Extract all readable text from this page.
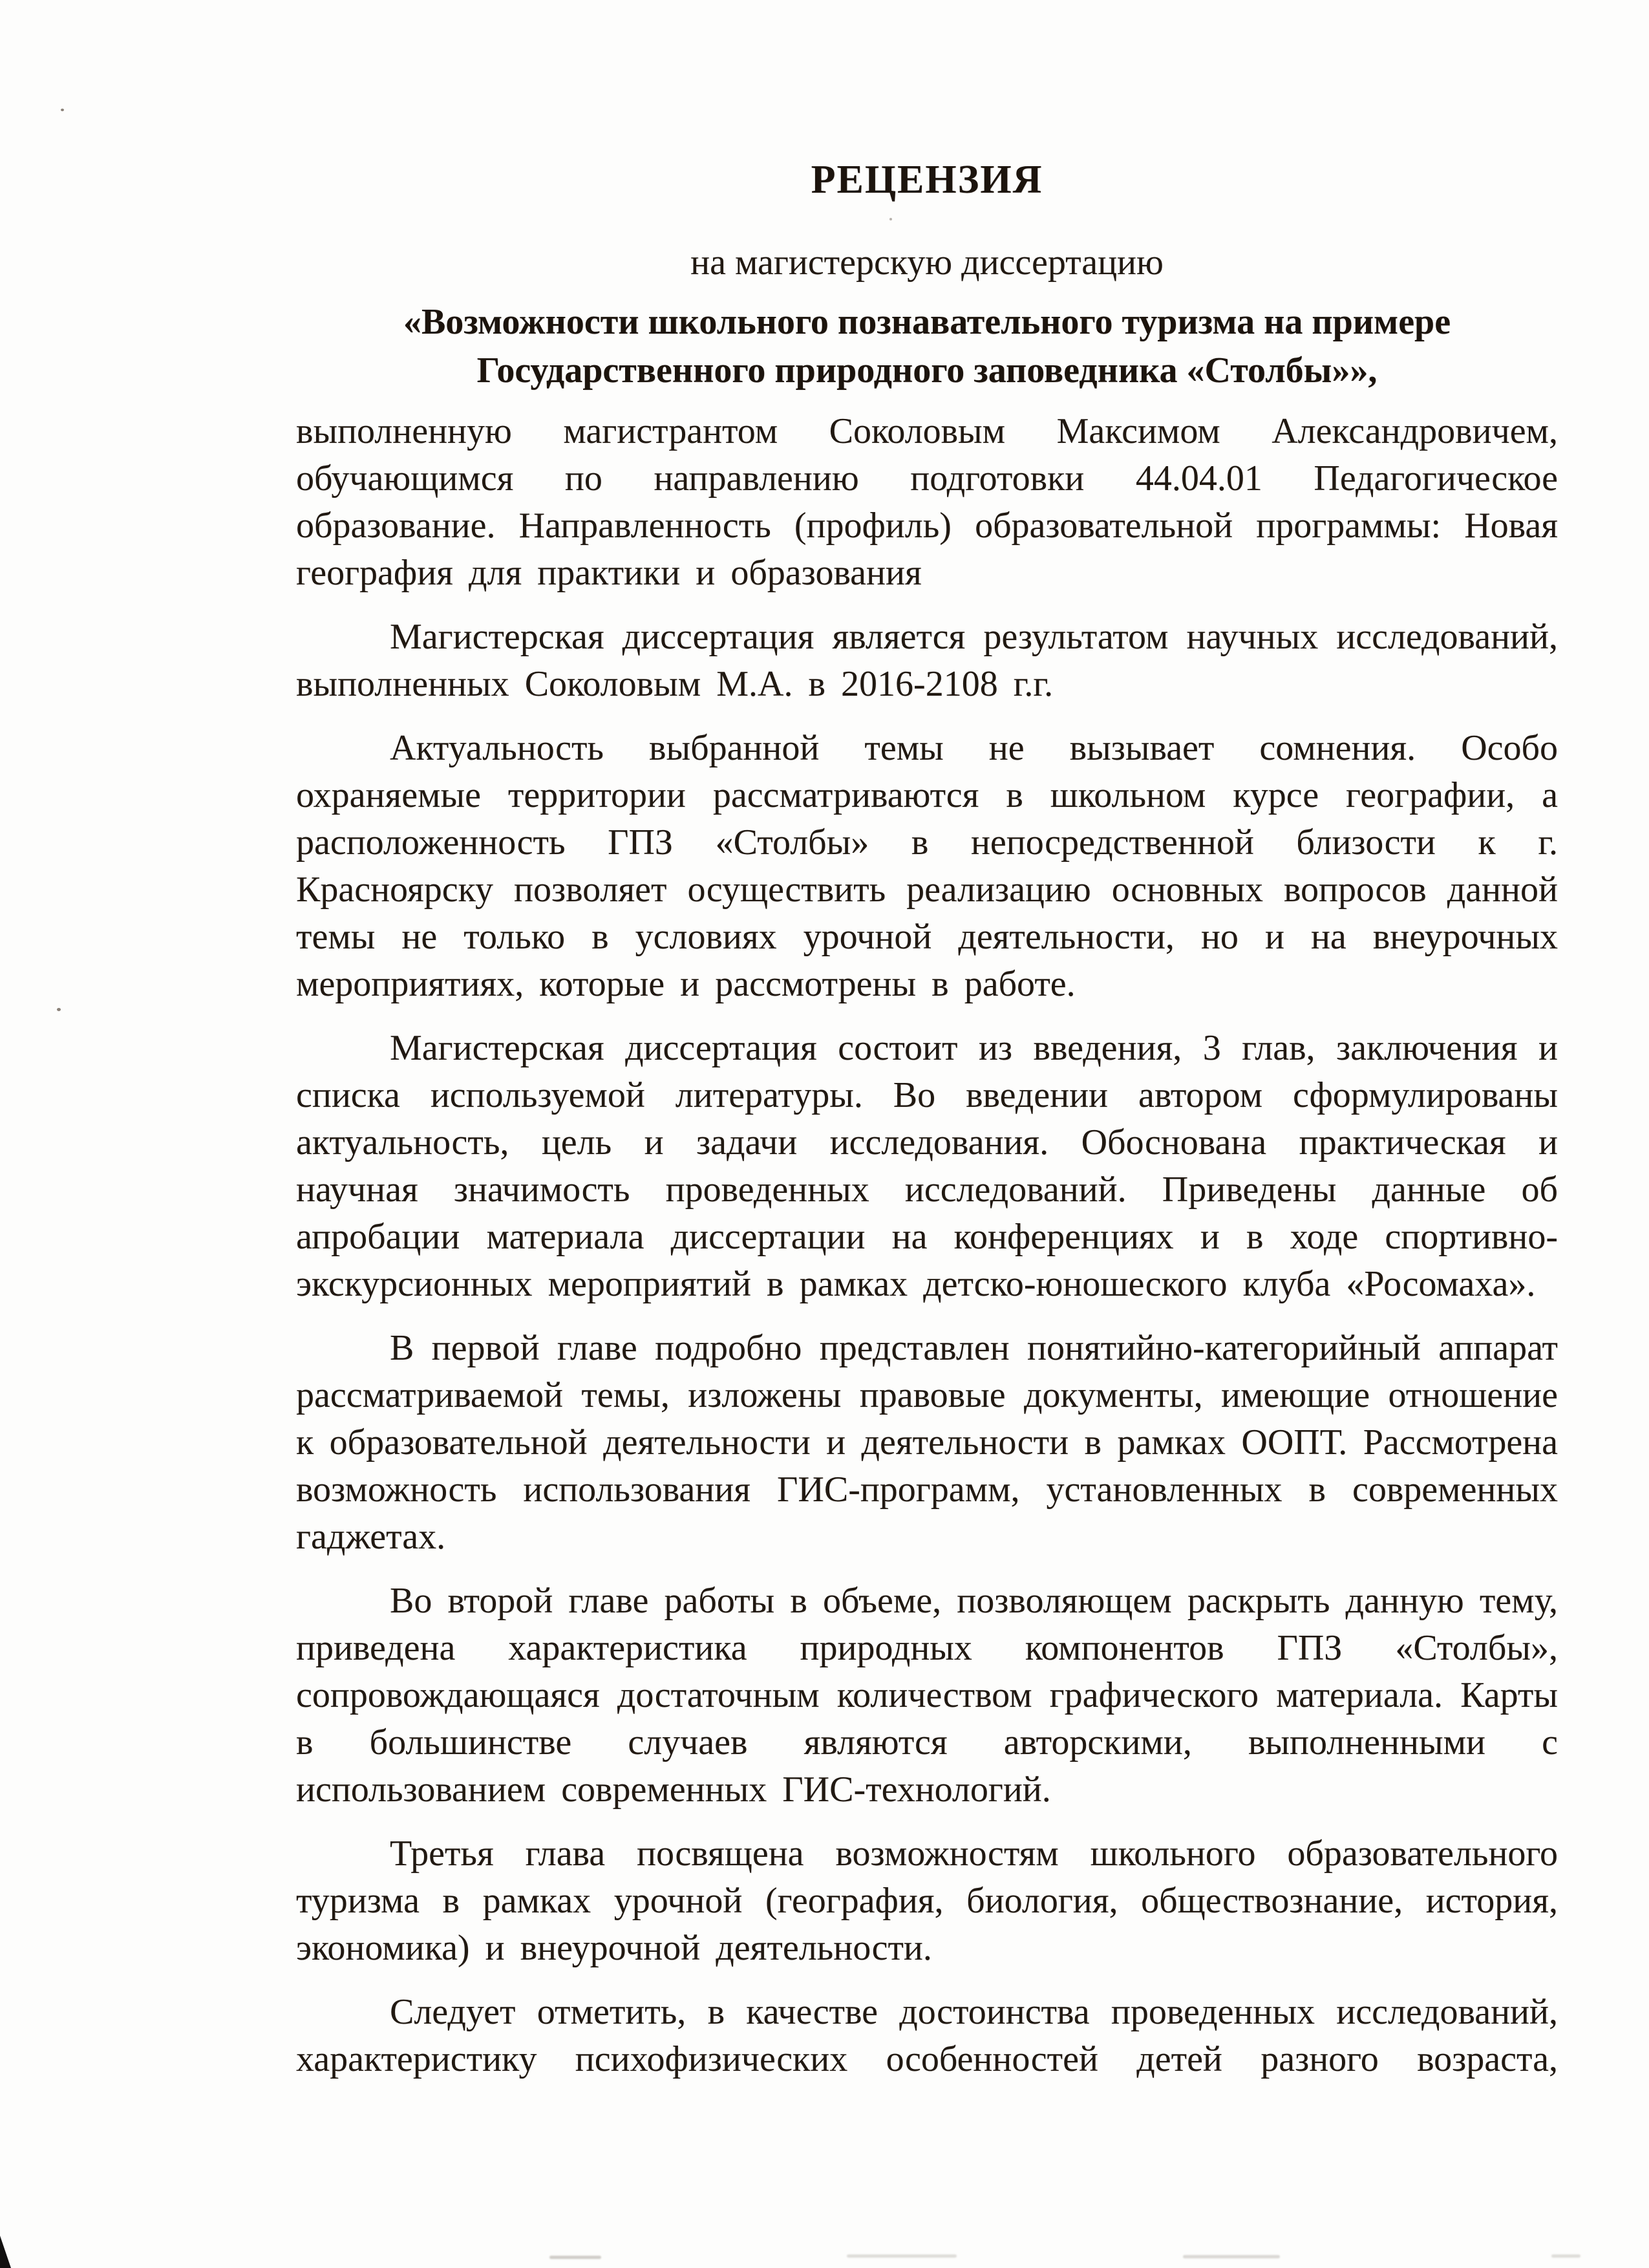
РЕЦЕНЗИЯ
на магистерскую диссертацию
«Возможности школьного познавательного туризма на примере Государственного природного заповедника «Столбы»»,

выполненную магистрантом Соколовым Максимом Александровичем, обучающимся по направлению подготовки 44.04.01 Педагогическое образование. Направленность (профиль) образовательной программы: Новая география для практики и образования

Магистерская диссертация является результатом научных исследований, выполненных Соколовым М.А. в 2016-2108 г.г.

Актуальность выбранной темы не вызывает сомнения. Особо охраняемые территории рассматриваются в школьном курсе географии, а расположенность ГПЗ «Столбы» в непосредственной близости к г. Красноярску позволяет осуществить реализацию основных вопросов данной темы не только в условиях урочной деятельности, но и на внеурочных мероприятиях, которые и рассмотрены в работе.

Магистерская диссертация состоит из введения, 3 глав, заключения и списка используемой литературы. Во введении автором сформулированы актуальность, цель и задачи исследования. Обоснована практическая и научная значимость проведенных исследований. Приведены данные об апробации материала диссертации на конференциях и в ходе спортивно-экскурсионных мероприятий в рамках детско-юношеского клуба «Росомаха».

В первой главе подробно представлен понятийно-категорийный аппарат рассматриваемой темы, изложены правовые документы, имеющие отношение к образовательной деятельности и деятельности в рамках ООПТ. Рассмотрена возможность использования ГИС-программ, установленных в современных гаджетах.

Во второй главе работы в объеме, позволяющем раскрыть данную тему, приведена характеристика природных компонентов ГПЗ «Столбы», сопровождающаяся достаточным количеством графического материала. Карты в большинстве случаев являются авторскими, выполненными с использованием современных ГИС-технологий.

Третья глава посвящена возможностям школьного образовательного туризма в рамках урочной (география, биология, обществознание, история, экономика) и внеурочной деятельности.

Следует отметить, в качестве достоинства проведенных исследований, характеристику психофизических особенностей детей разного возраста,
